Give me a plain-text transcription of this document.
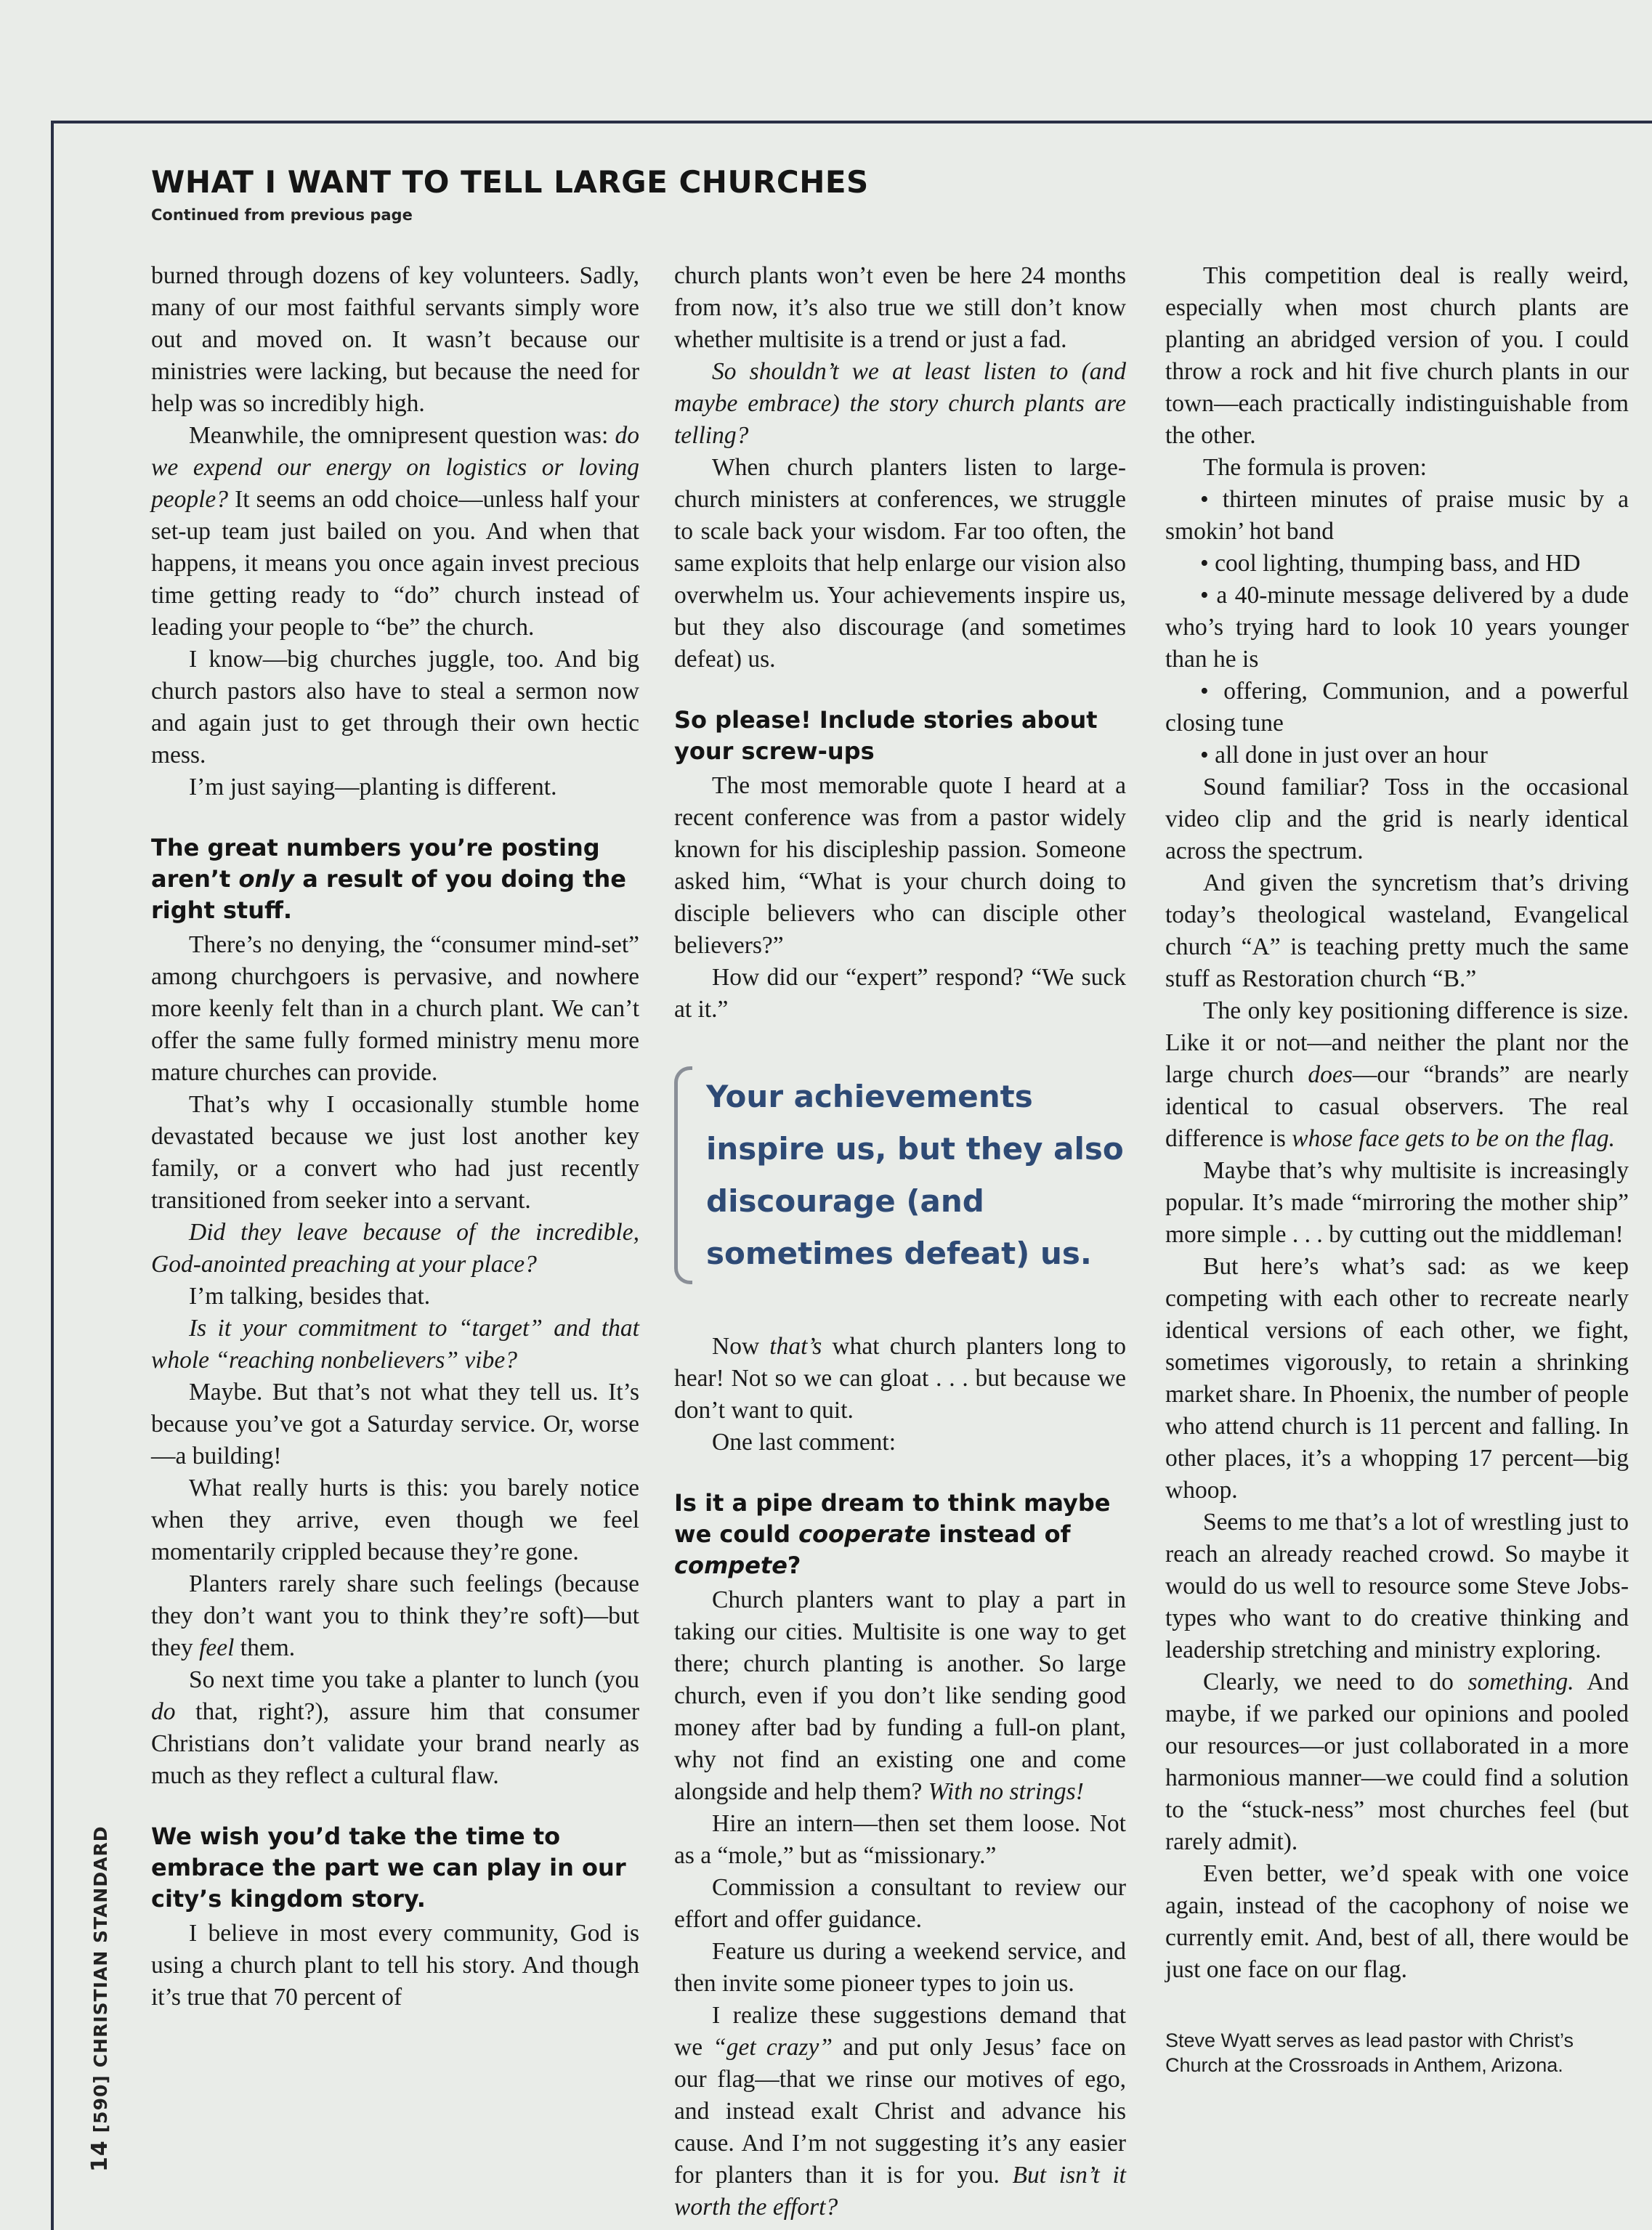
WHAT I WANT TO TELL LARGE CHURCHES
Continued from previous page

burned through dozens of key volunteers. Sadly, many of our most faithful servants simply wore out and moved on. It wasn’t because our ministries were lacking, but because the need for help was so incredibly high.

Meanwhile, the omnipresent question was: do we expend our energy on logistics or loving people? It seems an odd choice—unless half your set-up team just bailed on you. And when that happens, it means you once again invest precious time getting ready to “do” church instead of leading your people to “be” the church.

I know—big churches juggle, too. And big church pastors also have to steal a sermon now and again just to get through their own hectic mess.

I’m just saying—planting is different.

The great numbers you’re posting aren’t only a result of you doing the right stuff.

There’s no denying, the “consumer mind-set” among churchgoers is pervasive, and nowhere more keenly felt than in a church plant. We can’t offer the same fully formed ministry menu more mature churches can provide.

That’s why I occasionally stumble home devastated because we just lost another key family, or a convert who had just recently transitioned from seeker into a servant.

Did they leave because of the incredible, God-anointed preaching at your place?

I’m talking, besides that.

Is it your commitment to “target” and that whole “reaching nonbelievers” vibe?

Maybe. But that’s not what they tell us. It’s because you’ve got a Saturday service. Or, worse—a building!

What really hurts is this: you barely notice when they arrive, even though we feel momentarily crippled because they’re gone.

Planters rarely share such feelings (because they don’t want you to think they’re soft)—but they feel them.

So next time you take a planter to lunch (you do that, right?), assure him that consumer Christians don’t validate your brand nearly as much as they reflect a cultural flaw.

We wish you’d take the time to embrace the part we can play in our city’s kingdom story.

I believe in most every community, God is using a church plant to tell his story. And though it’s true that 70 percent of

church plants won’t even be here 24 months from now, it’s also true we still don’t know whether multisite is a trend or just a fad.

So shouldn’t we at least listen to (and maybe embrace) the story church plants are telling?

When church planters listen to large-church ministers at conferences, we struggle to scale back your wisdom. Far too often, the same exploits that help enlarge our vision also overwhelm us. Your achievements inspire us, but they also discourage (and sometimes defeat) us.

So please! Include stories about your screw-ups

The most memorable quote I heard at a recent conference was from a pastor widely known for his discipleship passion. Someone asked him, “What is your church doing to disciple believers who can disciple other believers?”

How did our “expert” respond? “We suck at it.”

Your achievements inspire us, but they also discourage (and sometimes defeat) us.

Now that’s what church planters long to hear! Not so we can gloat . . . but because we don’t want to quit.

One last comment:

Is it a pipe dream to think maybe we could cooperate instead of compete?

Church planters want to play a part in taking our cities. Multisite is one way to get there; church planting is another. So large church, even if you don’t like sending good money after bad by funding a full-on plant, why not find an existing one and come alongside and help them? With no strings!

Hire an intern—then set them loose. Not as a “mole,” but as “missionary.”

Commission a consultant to review our effort and offer guidance.

Feature us during a weekend service, and then invite some pioneer types to join us.

I realize these suggestions demand that we “get crazy” and put only Jesus’ face on our flag—that we rinse our motives of ego, and instead exalt Christ and advance his cause. And I’m not suggesting it’s any easier for planters than it is for you. But isn’t it worth the effort?

This competition deal is really weird, especially when most church plants are planting an abridged version of you. I could throw a rock and hit five church plants in our town—each practically indistinguishable from the other.

The formula is proven:

• thirteen minutes of praise music by a smokin’ hot band

• cool lighting, thumping bass, and HD

• a 40-minute message delivered by a dude who’s trying hard to look 10 years younger than he is

• offering, Communion, and a powerful closing tune

• all done in just over an hour

Sound familiar? Toss in the occasional video clip and the grid is nearly identical across the spectrum.

And given the syncretism that’s driving today’s theological wasteland, Evangelical church “A” is teaching pretty much the same stuff as Restoration church “B.”

The only key positioning difference is size. Like it or not—and neither the plant nor the large church does—our “brands” are nearly identical to casual observers. The real difference is whose face gets to be on the flag.

Maybe that’s why multisite is increasingly popular. It’s made “mirroring the mother ship” more simple . . . by cutting out the middleman!

But here’s what’s sad: as we keep competing with each other to recreate nearly identical versions of each other, we fight, sometimes vigorously, to retain a shrinking market share. In Phoenix, the number of people who attend church is 11 percent and falling. In other places, it’s a whopping 17 percent—big whoop.

Seems to me that’s a lot of wrestling just to reach an already reached crowd. So maybe it would do us well to resource some Steve Jobs-types who want to do creative thinking and leadership stretching and ministry exploring.

Clearly, we need to do something. And maybe, if we parked our opinions and pooled our resources—or just collaborated in a more harmonious manner—we could find a solution to the “stuck-ness” most churches feel (but rarely admit).

Even better, we’d speak with one voice again, instead of the cacophony of noise we currently emit. And, best of all, there would be just one face on our flag.

Steve Wyatt serves as lead pastor with Christ’s Church at the Crossroads in Anthem, Arizona.

14[590]CHRISTIAN STANDARD
